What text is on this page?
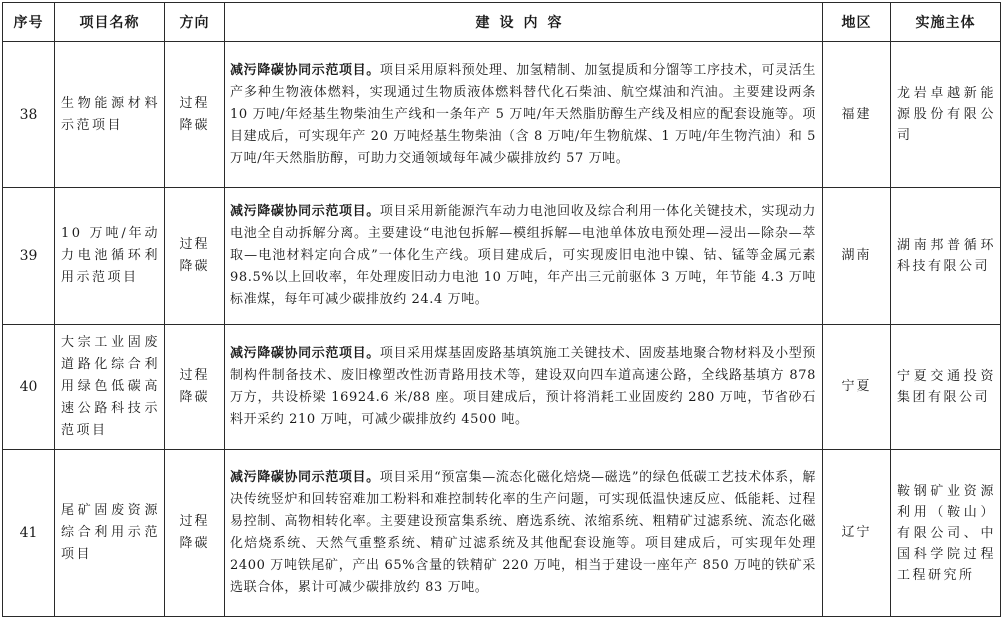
序号	项目名称	方向	建设内容	地区	实施主体
38	生物能源材料示范项目	过程降碳	减污降碳协同示范项目。项目采用原料预处理、加氢精制、加氢提质和分馏等工序技术，可灵活生产多种生物液体燃料，实现通过生物质液体燃料替代化石柴油、航空煤油和汽油。主要建设两条 10 万吨/年烃基生物柴油生产线和一条年产 5 万吨/年天然脂肪醇生产线及相应的配套设施等。项目建成后，可实现年产 20 万吨烃基生物柴油（含 8 万吨/年生物航煤、1 万吨/年生物汽油）和 5 万吨/年天然脂肪醇，可助力交通领域每年减少碳排放约 57 万吨。	福建	龙岩卓越新能源股份有限公司
39	10 万吨/年动力电池循环利用示范项目	过程降碳	减污降碳协同示范项目。项目采用新能源汽车动力电池回收及综合利用一体化关键技术，实现动力电池全自动拆解分离。主要建设“电池包拆解—模组拆解—电池单体放电预处理—浸出—除杂—萃取—电池材料定向合成”一体化生产线。项目建成后，可实现废旧电池中镍、钴、锰等金属元素 98.5%以上回收率，年处理废旧动力电池 10 万吨，年产出三元前驱体 3 万吨，年节能 4.3 万吨标准煤，每年可减少碳排放约 24.4 万吨。	湖南	湖南邦普循环科技有限公司
40	大宗工业固废道路化综合利用绿色低碳高速公路科技示范项目	过程降碳	减污降碳协同示范项目。项目采用煤基固废路基填筑施工关键技术、固废基地聚合物材料及小型预制构件制备技术、废旧橡塑改性沥青路用技术等，建设双向四车道高速公路，全线路基填方 878 万方，共设桥梁 16924.6 米/88 座。项目建成后，预计将消耗工业固废约 280 万吨，节省砂石料开采约 210 万吨，可减少碳排放约 4500 吨。	宁夏	宁夏交通投资集团有限公司
41	尾矿固废资源综合利用示范项目	过程降碳	减污降碳协同示范项目。项目采用“预富集—流态化磁化焙烧—磁选”的绿色低碳工艺技术体系，解决传统竖炉和回转窑难加工粉料和难控制转化率的生产问题，可实现低温快速反应、低能耗、过程易控制、高物相转化率。主要建设预富集系统、磨选系统、浓缩系统、粗精矿过滤系统、流态化磁化焙烧系统、天然气重整系统、精矿过滤系统及其他配套设施等。项目建成后，可实现年处理 2400 万吨铁尾矿，产出 65%含量的铁精矿 220 万吨，相当于建设一座年产 850 万吨的铁矿采选联合体，累计可减少碳排放约 83 万吨。	辽宁	鞍钢矿业资源利用（鞍山）有限公司、中国科学院过程工程研究所
